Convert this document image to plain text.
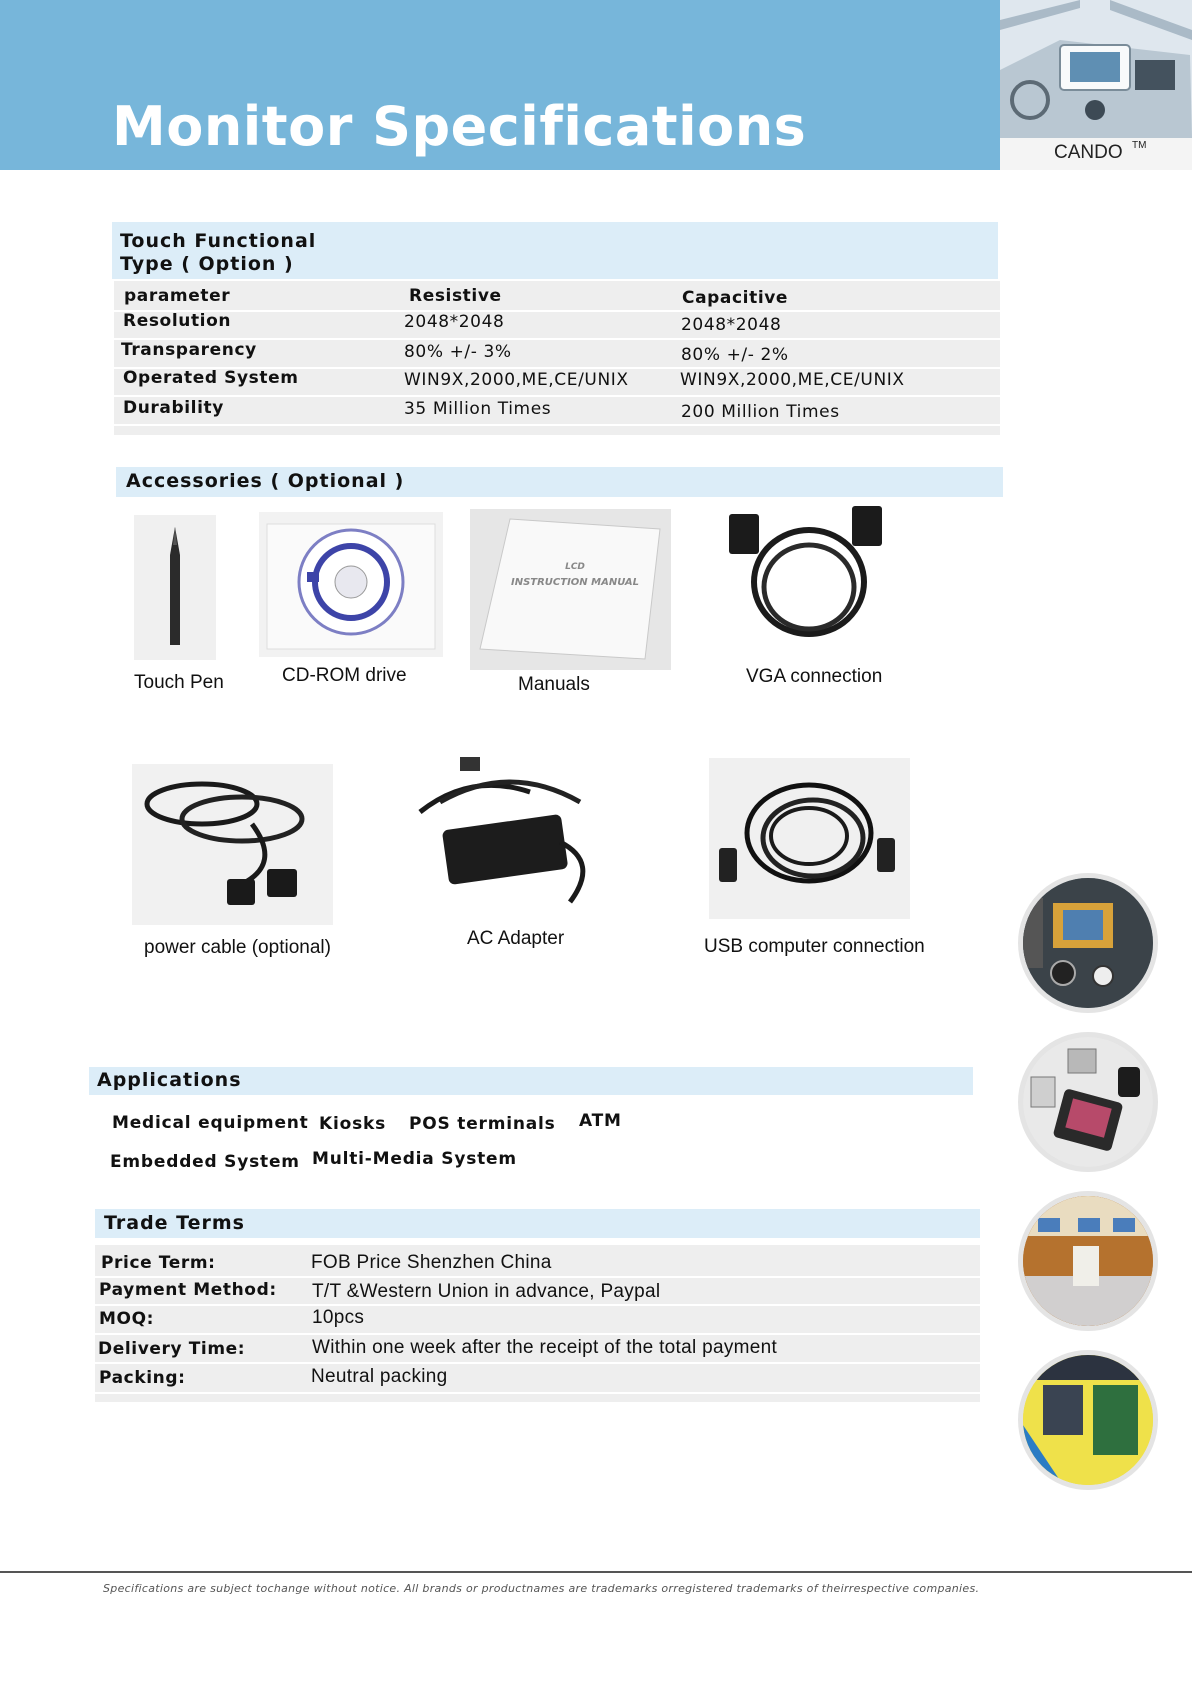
Monitor Specifications	CANDO TM
Touch Functional
Type ( Option )
parameter	Resistive	Capacitive
Resolution	2048*2048	2048*2048
Transparency	80% +/- 3%	80% +/- 2%
Operated System	WIN9X,2000,ME,CE/UNIX	WIN9X,2000,ME,CE/UNIX
Durability	35 Million Times	200 Million Times
Accessories ( Optional )
Touch Pen	CD-ROM drive
LCD
INSTRUCTION MANUAL
Manuals	VGA connection
power cable (optional)	AC Adapter	USB computer connection
Applications
Medical equipment Kiosks POS terminals ATM
Embedded System Multi-Media System
Trade Terms
Price Term:	FOB Price Shenzhen China
Payment Method: T/T &Western Union in advance, Paypal
MOQ:	10pcs
Delivery Time:	Within one week after the receipt of the total payment
Packing:	Neutral packing
Specifications are subject tochange without notice. All brands or productnames are trademarks orregistered trademarks of theirrespective companies.
